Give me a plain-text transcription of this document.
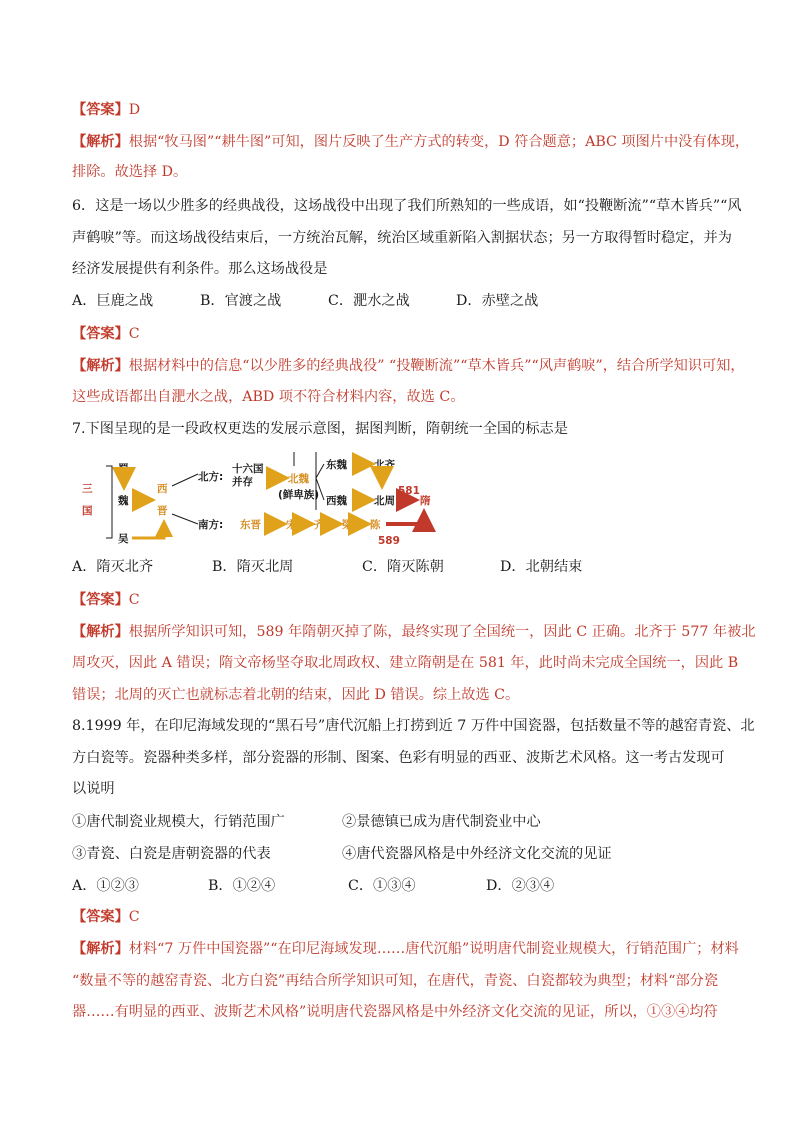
【答案】D
【解析】根据“牧马图”“耕牛图”可知，图片反映了生产方式的转变，D 符合题意；ABC 项图片中没有体现，
排除。故选择 D。
6．这是一场以少胜多的经典战役，这场战役中出现了我们所熟知的一些成语，如“投鞭断流”“草木皆兵”“风
声鹤唳”等。而这场战役结束后，一方统治瓦解，统治区域重新陷入割据状态；另一方取得暂时稳定，并为
经济发展提供有利条件。那么这场战役是
A．巨鹿之战	B．官渡之战	C．淝水之战	D．赤壁之战
【答案】C
【解析】根据材料中的信息“以少胜多的经典战役” “投鞭断流”“草木皆兵”“风声鹤唳”，结合所学知识可知，
这些成语都出自淝水之战，ABD 项不符合材料内容，故选 C。
7.下图呈现的是一段政权更迭的发展示意图，据图判断，隋朝统一全国的标志是
三
国
蜀
魏
吴
西
晋
北方:
南方:
十六国
并存	北魏
(鲜卑族)
东魏	北齐
西魏	北周
581
隋
东晋 宋 齐 梁 陈
589
A．隋灭北齐	B．隋灭北周	C．隋灭陈朝	D．北朝结束
【答案】C
【解析】根据所学知识可知，589 年隋朝灭掉了陈，最终实现了全国统一，因此 C 正确。北齐于 577 年被北
周攻灭，因此 A 错误；隋文帝杨坚夺取北周政权、建立隋朝是在 581 年，此时尚未完成全国统一，因此 B
错误；北周的灭亡也就标志着北朝的结束，因此 D 错误。综上故选 C。
8.1999 年，在印尼海域发现的“黑石号”唐代沉船上打捞到近 7 万件中国瓷器，包括数量不等的越窑青瓷、北
方白瓷等。瓷器种类多样，部分瓷器的形制、图案、色彩有明显的西亚、波斯艺术风格。这一考古发现可
以说明
①唐代制瓷业规模大，行销范围广	②景德镇已成为唐代制瓷业中心
③青瓷、白瓷是唐朝瓷器的代表	④唐代瓷器风格是中外经济文化交流的见证
A．①②③	B．①②④	C．①③④	D．②③④
【答案】C
【解析】材料“7 万件中国瓷器”“在印尼海域发现……唐代沉船”说明唐代制瓷业规模大，行销范围广；材料
“数量不等的越窑青瓷、北方白瓷”再结合所学知识可知，在唐代，青瓷、白瓷都较为典型；材料“部分瓷
器……有明显的西亚、波斯艺术风格”说明唐代瓷器风格是中外经济文化交流的见证，所以，①③④均符
